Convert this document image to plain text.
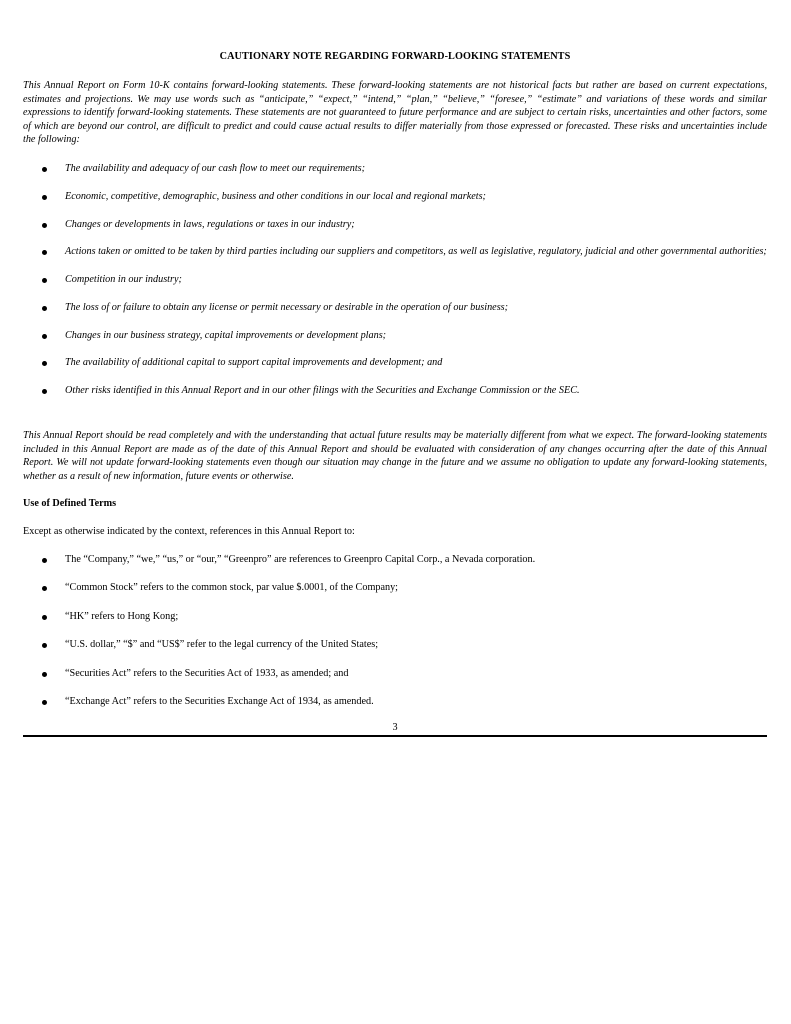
CAUTIONARY NOTE REGARDING FORWARD-LOOKING STATEMENTS

This Annual Report on Form 10-K contains forward-looking statements. These forward-looking statements are not historical facts but rather are based on current expectations, estimates and projections. We may use words such as “anticipate,” “expect,” “intend,” “plan,” “believe,” “foresee,” “estimate” and variations of these words and similar expressions to identify forward-looking statements. These statements are not guaranteed to future performance and are subject to certain risks, uncertainties and other factors, some of which are beyond our control, are difficult to predict and could cause actual results to differ materially from those expressed or forecasted. These risks and uncertainties include the following:

The availability and adequacy of our cash flow to meet our requirements;
Economic, competitive, demographic, business and other conditions in our local and regional markets;
Changes or developments in laws, regulations or taxes in our industry;
Actions taken or omitted to be taken by third parties including our suppliers and competitors, as well as legislative, regulatory, judicial and other governmental authorities;
Competition in our industry;
The loss of or failure to obtain any license or permit necessary or desirable in the operation of our business;
Changes in our business strategy, capital improvements or development plans;
The availability of additional capital to support capital improvements and development; and
Other risks identified in this Annual Report and in our other filings with the Securities and Exchange Commission or the SEC.

This Annual Report should be read completely and with the understanding that actual future results may be materially different from what we expect. The forward-looking statements included in this Annual Report are made as of the date of this Annual Report and should be evaluated with consideration of any changes occurring after the date of this Annual Report. We will not update forward-looking statements even though our situation may change in the future and we assume no obligation to update any forward-looking statements, whether as a result of new information, future events or otherwise.

Use of Defined Terms
Except as otherwise indicated by the context, references in this Annual Report to:
The “Company,” “we,” “us,” or “our,” “Greenpro” are references to Greenpro Capital Corp., a Nevada corporation.
“Common Stock” refers to the common stock, par value $.0001, of the Company;
“HK” refers to Hong Kong;
“U.S. dollar,” “$” and “US$” refer to the legal currency of the United States;
“Securities Act” refers to the Securities Act of 1933, as amended; and
“Exchange Act” refers to the Securities Exchange Act of 1934, as amended.
3
